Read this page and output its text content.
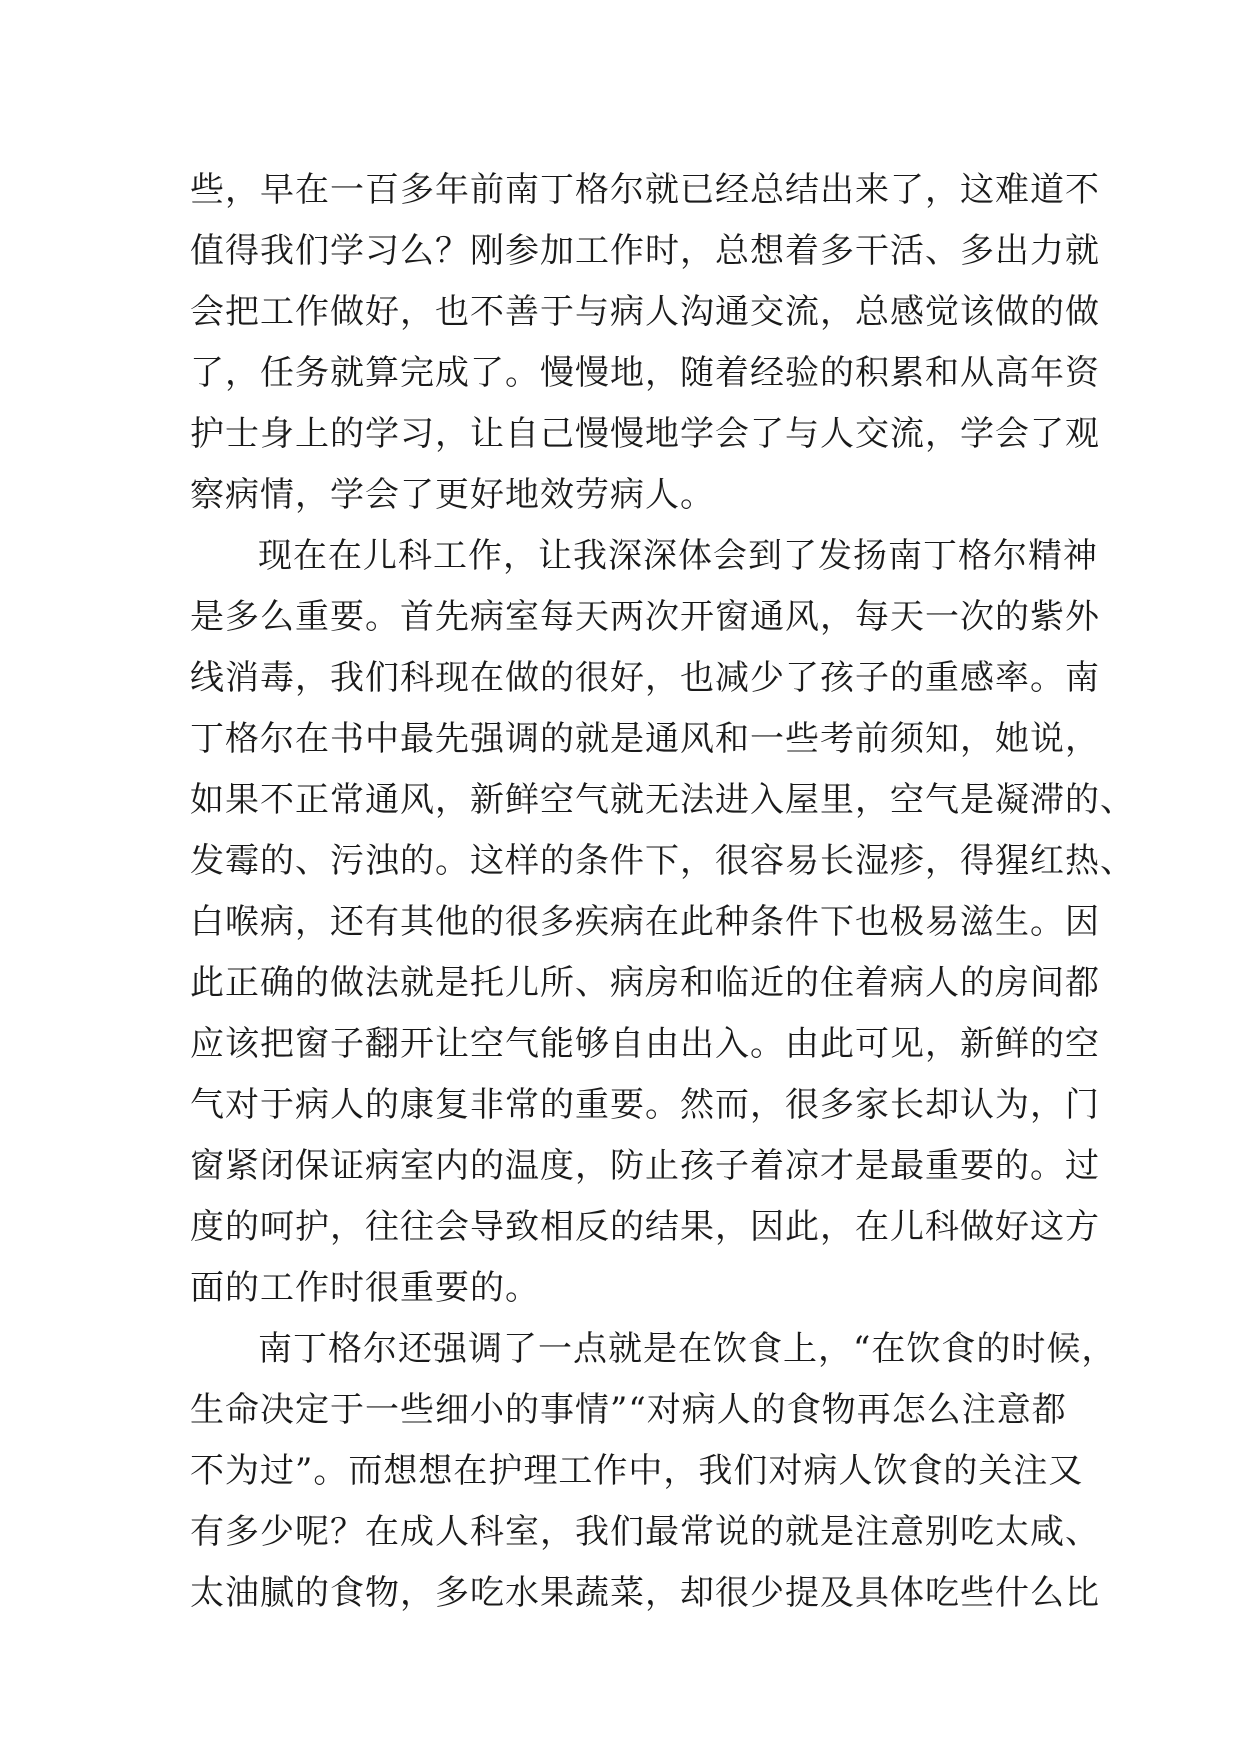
些，早在一百多年前南丁格尔就已经总结出来了，这难道不
值得我们学习么？刚参加工作时，总想着多干活、多出力就
会把工作做好，也不善于与病人沟通交流，总感觉该做的做
了，任务就算完成了。慢慢地，随着经验的积累和从高年资
护士身上的学习，让自己慢慢地学会了与人交流，学会了观
察病情，学会了更好地效劳病人。

现在在儿科工作，让我深深体会到了发扬南丁格尔精神
是多么重要。首先病室每天两次开窗通风，每天一次的紫外
线消毒，我们科现在做的很好，也减少了孩子的重感率。南
丁格尔在书中最先强调的就是通风和一些考前须知，她说，
如果不正常通风，新鲜空气就无法进入屋里，空气是凝滞的、
发霉的、污浊的。这样的条件下，很容易长湿疹，得猩红热、
白喉病，还有其他的很多疾病在此种条件下也极易滋生。因
此正确的做法就是托儿所、病房和临近的住着病人的房间都
应该把窗子翻开让空气能够自由出入。由此可见，新鲜的空
气对于病人的康复非常的重要。然而，很多家长却认为，门
窗紧闭保证病室内的温度，防止孩子着凉才是最重要的。过
度的呵护，往往会导致相反的结果，因此，在儿科做好这方
面的工作时很重要的。

南丁格尔还强调了一点就是在饮食上，“在饮食的时候，
生命决定于一些细小的事情”“对病人的食物再怎么注意都
不为过”。而想想在护理工作中，我们对病人饮食的关注又
有多少呢？在成人科室，我们最常说的就是注意别吃太咸、
太油腻的食物，多吃水果蔬菜，却很少提及具体吃些什么比
